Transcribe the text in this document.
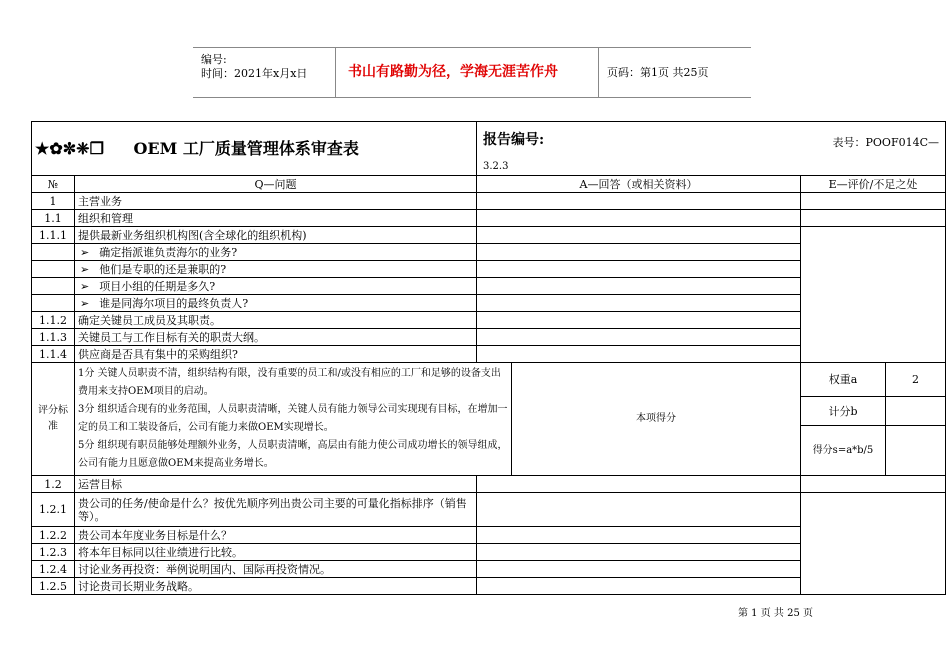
编号:
时间：2021年x月x日	书山有路勤为径，学海无涯苦作舟	页码：第1页 共25页
★✿✼❈❒ OEM 工厂质量管理体系审查表		报告编号: 表号：POOF014C—
3.2.3			

№	Q—问题	A—回答（或相关资料）		E—评价/不足之处	
1	主营业务				
1.1	组织和管理				
1.1.1	提供最新业务组织机构图(含全球化的组织机构)				
	➢ 确定指派谁负责海尔的业务?				
	➢ 他们是专职的还是兼职的?				
	➢ 项目小组的任期是多久?				
	➢ 谁是同海尔项目的最终负责人?				
1.1.2	确定关键员工成员及其职责。				
1.1.3	关键员工与工作目标有关的职责大纲。				
1.1.4	供应商是否具有集中的采购组织?				
评分标准	1分 关键人员职责不清，组织结构有限，没有重要的员工和/或没有相应的工厂和足够的设备支出费用来支持OEM项目的启动。
3分 组织适合现有的业务范围，人员职责清晰，关键人员有能力领导公司实现现有目标，在增加一定的员工和工装设备后，公司有能力来做OEM实现增长。
5分 组织现有职员能够处理额外业务，人员职责清晰，高层由有能力使公司成功增长的领导组成，公司有能力且愿意做OEM来提高业务增长。		本项得分	权重a	2
				计分b	
				得分s=a*b/5	
1.2	运营目标				
1.2.1	贵公司的任务/使命是什么？按优先顺序列出贵公司主要的可量化指标排序（销售等）。				
1.2.2	贵公司本年度业务目标是什么？				
1.2.3	将本年目标同以往业绩进行比较。				
1.2.4	讨论业务再投资：举例说明国内、国际再投资情况。				
1.2.5	讨论贵司长期业务战略。				
第 1 页 共 25 页
